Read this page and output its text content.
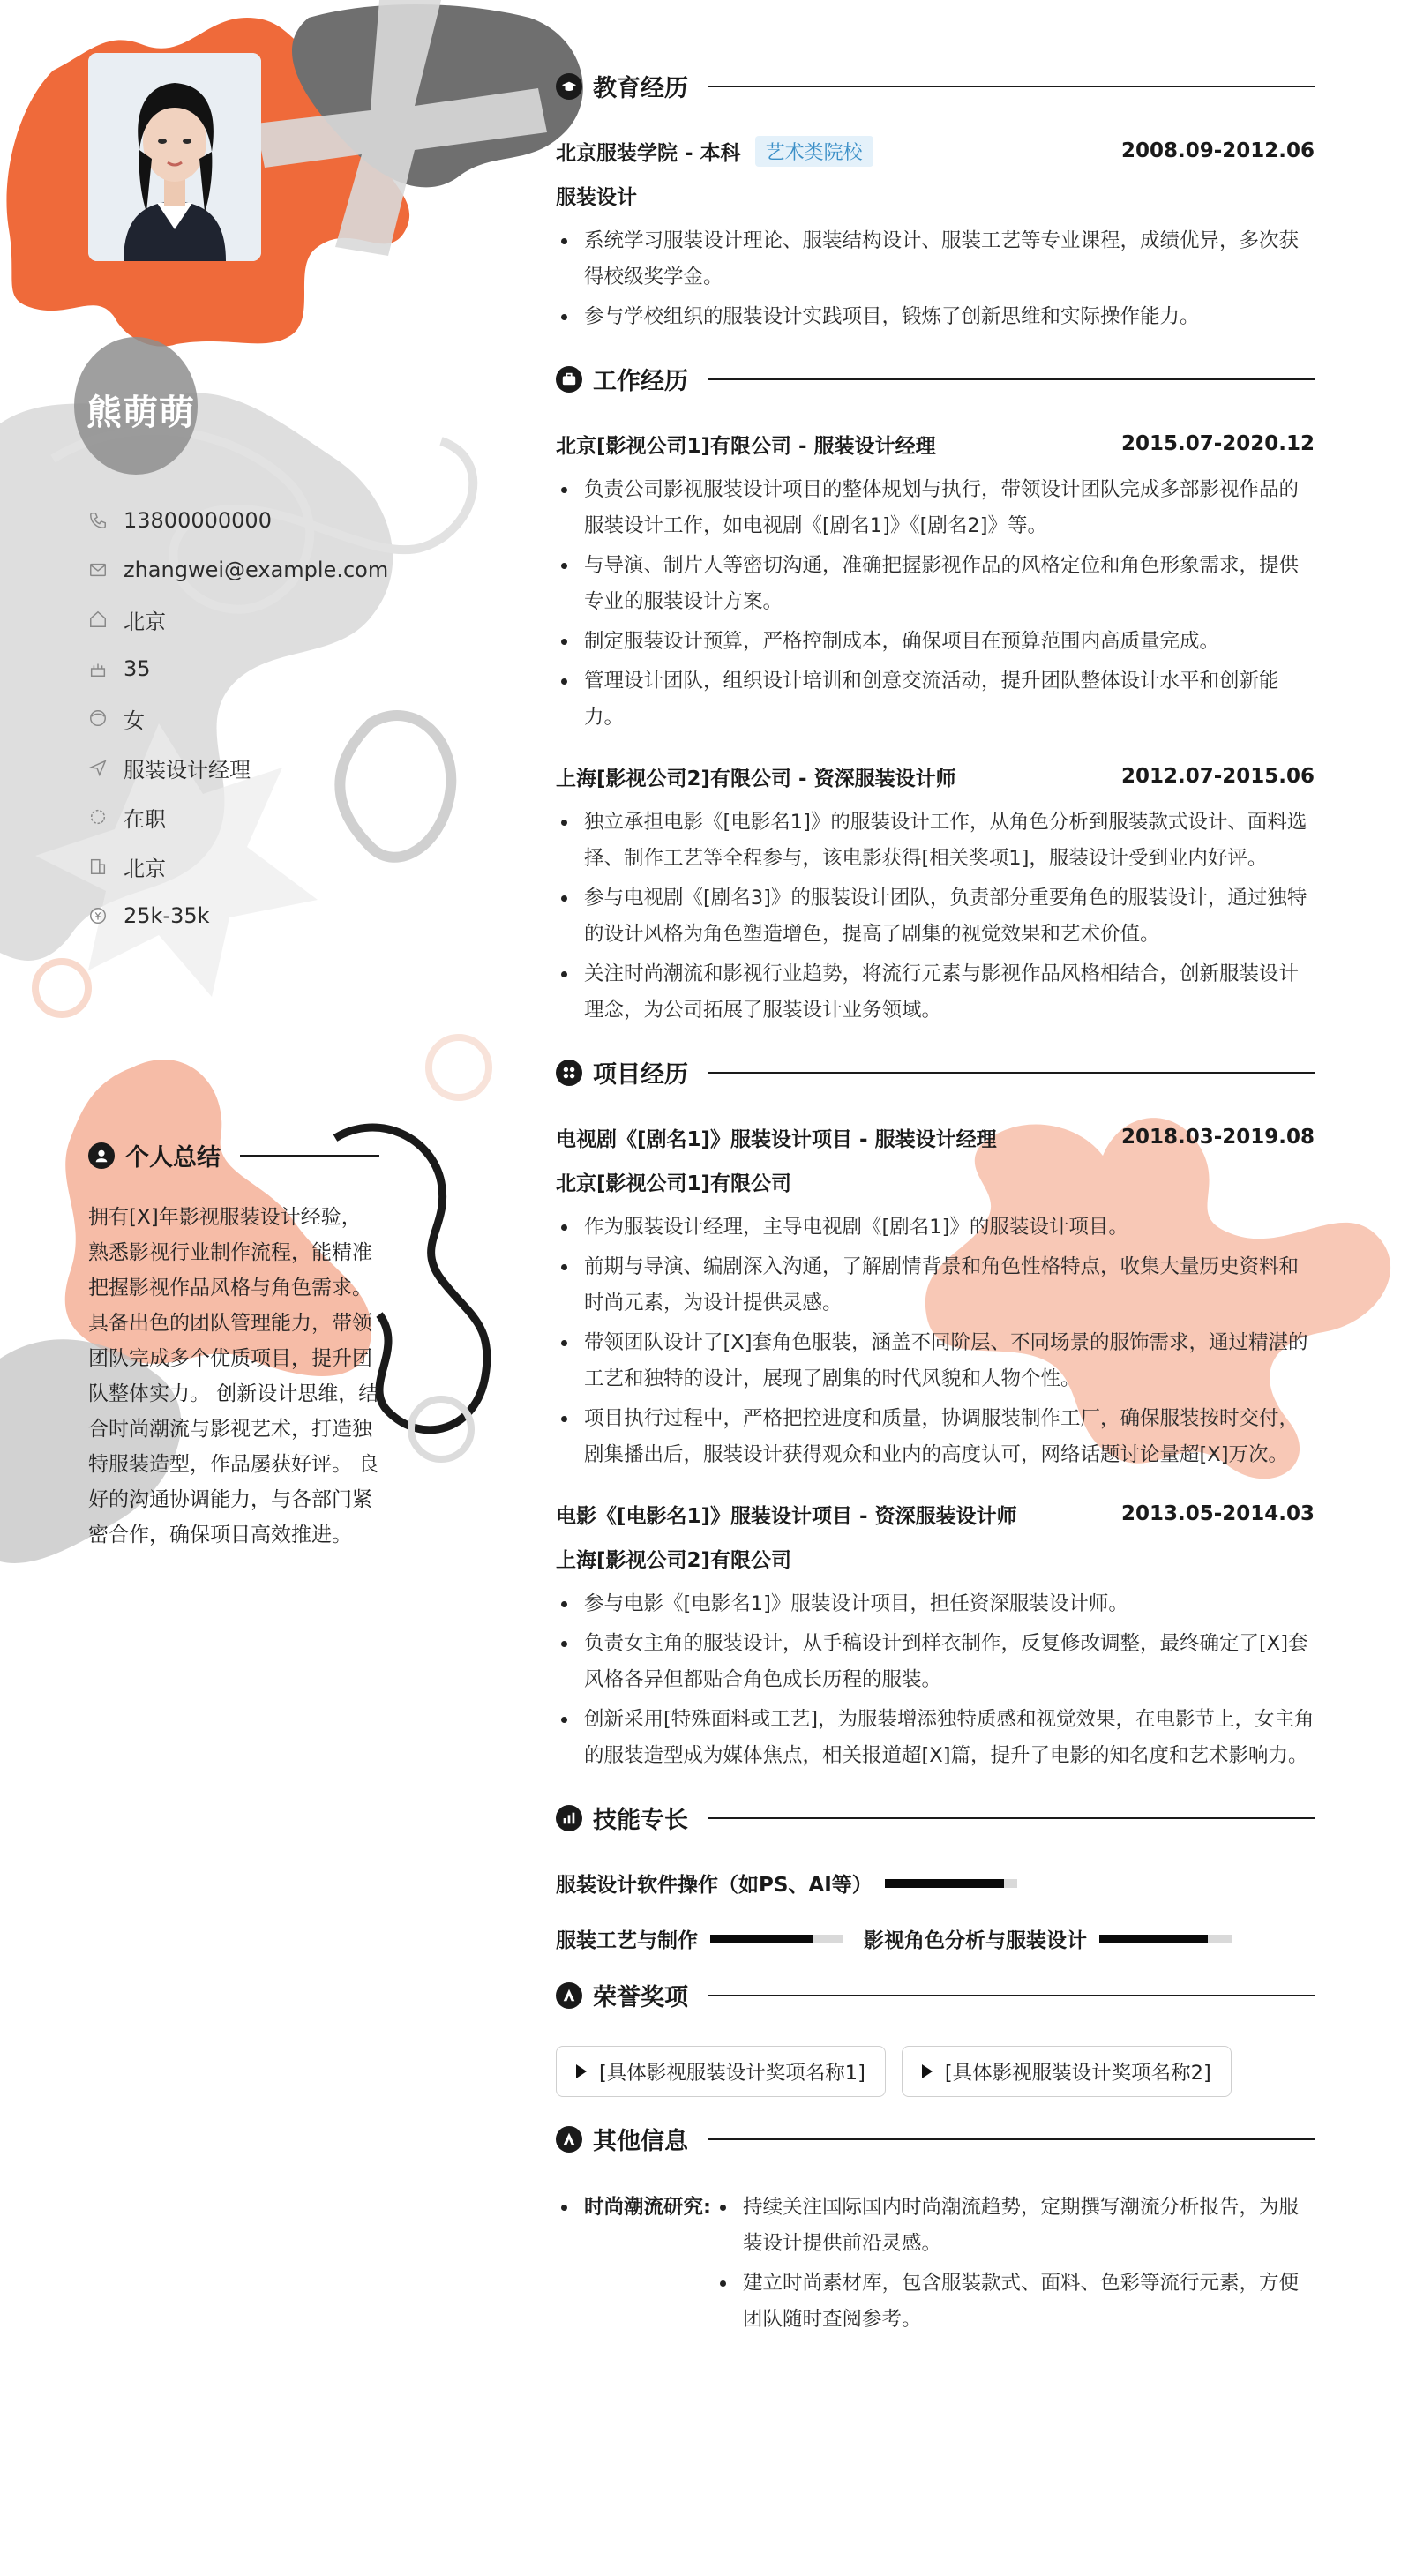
熊萌萌
13800000000
zhangwei@example.com
北京
35
女
服装设计经理
在职
北京
25k-35k
个人总结
拥有[X]年影视服装设计经验，熟悉影视行业制作流程，能精准把握影视作品风格与角色需求。 具备出色的团队管理能力，带领团队完成多个优质项目，提升团队整体实力。 创新设计思维，结合时尚潮流与影视艺术，打造独特服装造型，作品屡获好评。 良好的沟通协调能力，与各部门紧密合作，确保项目高效推进。
教育经历
北京服装学院 - 本科	艺术类院校	2008.09-2012.06
服装设计
系统学习服装设计理论、服装结构设计、服装工艺等专业课程，成绩优异，多次获得校级奖学金。
参与学校组织的服装设计实践项目，锻炼了创新思维和实际操作能力。
工作经历
北京[影视公司1]有限公司 - 服装设计经理	2015.07-2020.12
负责公司影视服装设计项目的整体规划与执行，带领设计团队完成多部影视作品的服装设计工作，如电视剧《[剧名1]》《[剧名2]》等。
与导演、制片人等密切沟通，准确把握影视作品的风格定位和角色形象需求，提供专业的服装设计方案。
制定服装设计预算，严格控制成本，确保项目在预算范围内高质量完成。
管理设计团队，组织设计培训和创意交流活动，提升团队整体设计水平和创新能力。
上海[影视公司2]有限公司 - 资深服装设计师	2012.07-2015.06
独立承担电影《[电影名1]》的服装设计工作，从角色分析到服装款式设计、面料选择、制作工艺等全程参与，该电影获得[相关奖项1]，服装设计受到业内好评。
参与电视剧《[剧名3]》的服装设计团队，负责部分重要角色的服装设计，通过独特的设计风格为角色塑造增色，提高了剧集的视觉效果和艺术价值。
关注时尚潮流和影视行业趋势，将流行元素与影视作品风格相结合，创新服装设计理念，为公司拓展了服装设计业务领域。
项目经历
电视剧《[剧名1]》服装设计项目 - 服装设计经理	2018.03-2019.08
北京[影视公司1]有限公司
作为服装设计经理，主导电视剧《[剧名1]》的服装设计项目。
前期与导演、编剧深入沟通，了解剧情背景和角色性格特点，收集大量历史资料和时尚元素，为设计提供灵感。
带领团队设计了[X]套角色服装，涵盖不同阶层、不同场景的服饰需求，通过精湛的工艺和独特的设计，展现了剧集的时代风貌和人物个性。
项目执行过程中，严格把控进度和质量，协调服装制作工厂，确保服装按时交付，剧集播出后，服装设计获得观众和业内的高度认可，网络话题讨论量超[X]万次。
电影《[电影名1]》服装设计项目 - 资深服装设计师	2013.05-2014.03
上海[影视公司2]有限公司
参与电影《[电影名1]》服装设计项目，担任资深服装设计师。
负责女主角的服装设计，从手稿设计到样衣制作，反复修改调整，最终确定了[X]套风格各异但都贴合角色成长历程的服装。
创新采用[特殊面料或工艺]，为服装增添独特质感和视觉效果，在电影节上，女主角的服装造型成为媒体焦点，相关报道超[X]篇，提升了电影的知名度和艺术影响力。
技能专长
服装设计软件操作（如PS、AI等）
服装工艺与制作	影视角色分析与服装设计
荣誉奖项
[具体影视服装设计奖项名称1]	[具体影视服装设计奖项名称2]
其他信息
时尚潮流研究:	持续关注国际国内时尚潮流趋势，定期撰写潮流分析报告，为服装设计提供前沿灵感。
建立时尚素材库，包含服装款式、面料、色彩等流行元素，方便团队随时查阅参考。
